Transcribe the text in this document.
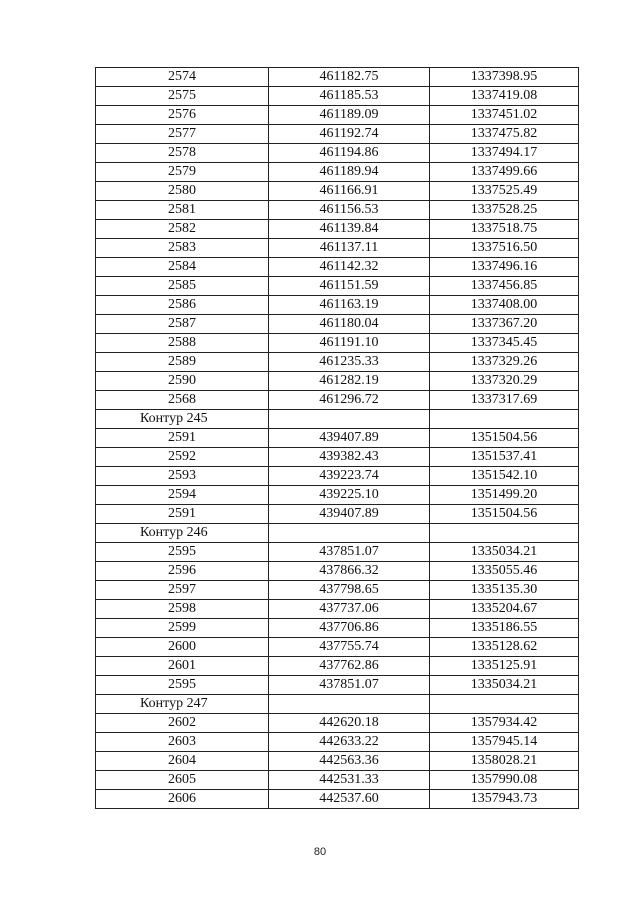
2574	461182.75	1337398.95
2575	461185.53	1337419.08
2576	461189.09	1337451.02
2577	461192.74	1337475.82
2578	461194.86	1337494.17
2579	461189.94	1337499.66
2580	461166.91	1337525.49
2581	461156.53	1337528.25
2582	461139.84	1337518.75
2583	461137.11	1337516.50
2584	461142.32	1337496.16
2585	461151.59	1337456.85
2586	461163.19	1337408.00
2587	461180.04	1337367.20
2588	461191.10	1337345.45
2589	461235.33	1337329.26
2590	461282.19	1337320.29
2568	461296.72	1337317.69
Контур 245		
2591	439407.89	1351504.56
2592	439382.43	1351537.41
2593	439223.74	1351542.10
2594	439225.10	1351499.20
2591	439407.89	1351504.56
Контур 246		
2595	437851.07	1335034.21
2596	437866.32	1335055.46
2597	437798.65	1335135.30
2598	437737.06	1335204.67
2599	437706.86	1335186.55
2600	437755.74	1335128.62
2601	437762.86	1335125.91
2595	437851.07	1335034.21
Контур 247		
2602	442620.18	1357934.42
2603	442633.22	1357945.14
2604	442563.36	1358028.21
2605	442531.33	1357990.08
2606	442537.60	1357943.73
80
